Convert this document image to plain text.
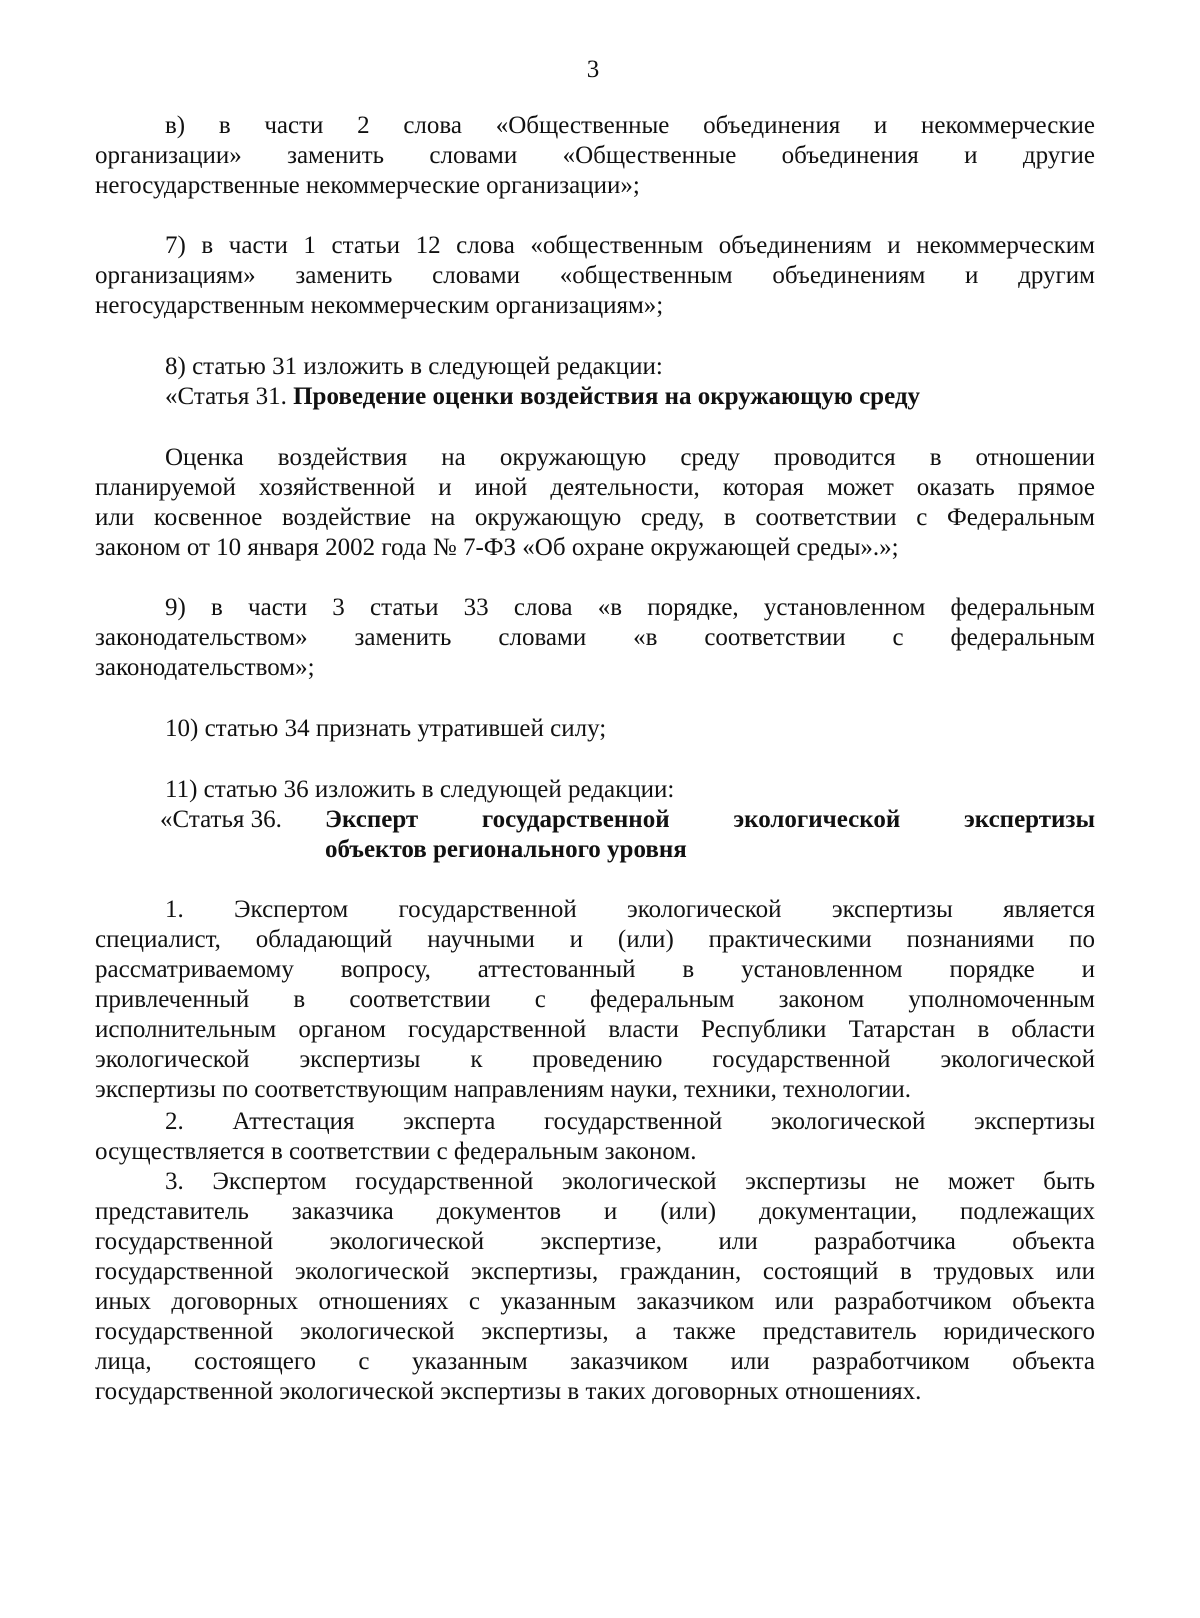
3
в) в части 2 слова «Общественные объединения и некоммерческие
организации» заменить словами «Общественные объединения и другие
негосударственные некоммерческие организации»;
7) в части 1 статьи 12 слова «общественным объединениям и некоммерческим
организациям» заменить словами «общественным объединениям и другим
негосударственным некоммерческим организациям»;
8) статью 31 изложить в следующей редакции:
«Статья 31. Проведение оценки воздействия на окружающую среду
Оценка воздействия на окружающую среду проводится в отношении
планируемой хозяйственной и иной деятельности, которая может оказать прямое
или косвенное воздействие на окружающую среду, в соответствии с Федеральным
законом от 10 января 2002 года № 7-ФЗ «Об охране окружающей среды».»;
9) в части 3 статьи 33 слова «в порядке, установленном федеральным
законодательством» заменить словами «в соответствии с федеральным
законодательством»;
10) статью 34 признать утратившей силу;
11) статью 36 изложить в следующей редакции:
«Статья 36.	Эксперт государственной экологической экспертизы
объектов регионального уровня
1. Экспертом государственной экологической экспертизы является
специалист, обладающий научными и (или) практическими познаниями по
рассматриваемому вопросу, аттестованный в установленном порядке и
привлеченный в соответствии с федеральным законом уполномоченным
исполнительным органом государственной власти Республики Татарстан в области
экологической экспертизы к проведению государственной экологической
экспертизы по соответствующим направлениям науки, техники, технологии.
2. Аттестация эксперта государственной экологической экспертизы
осуществляется в соответствии с федеральным законом.
3. Экспертом государственной экологической экспертизы не может быть
представитель заказчика документов и (или) документации, подлежащих
государственной экологической экспертизе, или разработчика объекта
государственной экологической экспертизы, гражданин, состоящий в трудовых или
иных договорных отношениях с указанным заказчиком или разработчиком объекта
государственной экологической экспертизы, а также представитель юридического
лица, состоящего с указанным заказчиком или разработчиком объекта
государственной экологической экспертизы в таких договорных отношениях.
